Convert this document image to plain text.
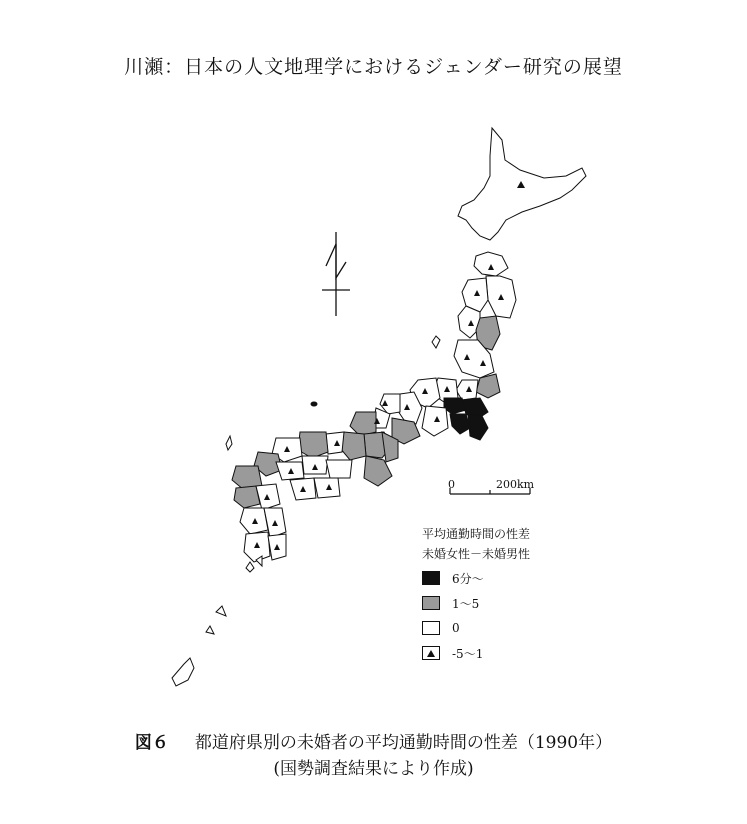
川瀬：日本の人文地理学におけるジェンダー研究の展望
0	200km
平均通勤時間の性差
未婚女性－未婚男性
6分～
1～5
0
-5～1
図６ 都道府県別の未婚者の平均通勤時間の性差（1990年）
(国勢調査結果により作成)
